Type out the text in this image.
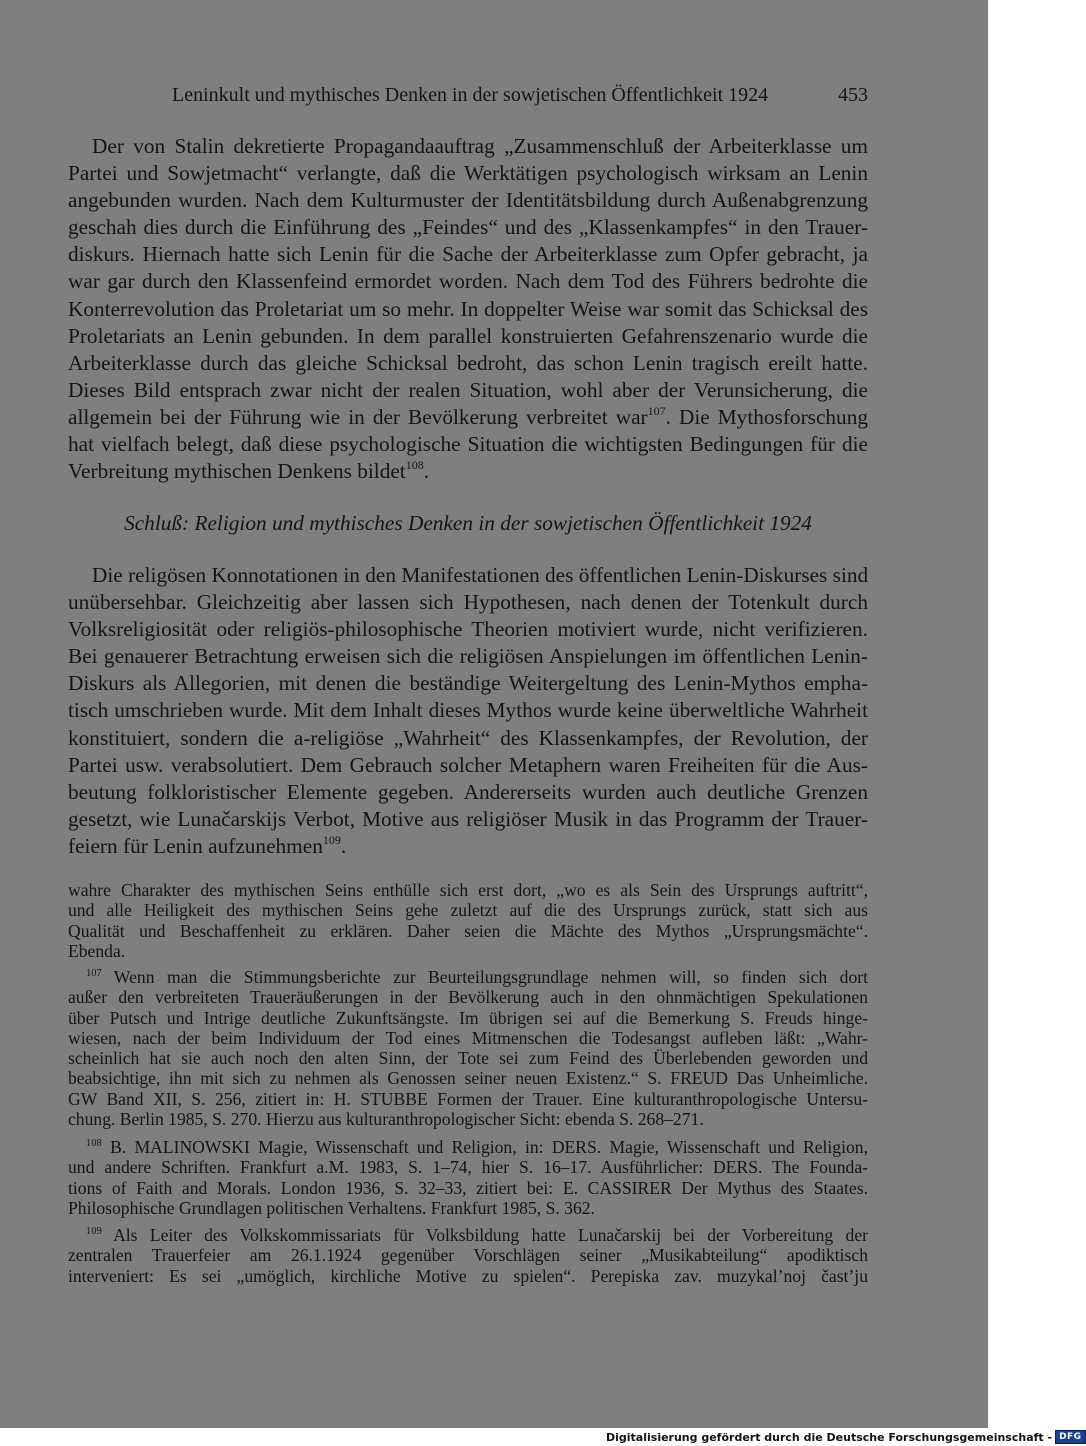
Leninkult und mythisches Denken in der sowjetischen Öffentlichkeit 1924	453
Der von Stalin dekretierte Propagandaauftrag „Zusammenschluß der Arbeiterklasse um
Partei und Sowjetmacht“ verlangte, daß die Werktätigen psychologisch wirksam an Lenin
angebunden wurden. Nach dem Kulturmuster der Identitätsbildung durch Außenabgrenzung
geschah dies durch die Einführung des „Feindes“ und des „Klassenkampfes“ in den Trauer-
diskurs. Hiernach hatte sich Lenin für die Sache der Arbeiterklasse zum Opfer gebracht, ja
war gar durch den Klassenfeind ermordet worden. Nach dem Tod des Führers bedrohte die
Konterrevolution das Proletariat um so mehr. In doppelter Weise war somit das Schicksal des
Proletariats an Lenin gebunden. In dem parallel konstruierten Gefahrenszenario wurde die
Arbeiterklasse durch das gleiche Schicksal bedroht, das schon Lenin tragisch ereilt hatte.
Dieses Bild entsprach zwar nicht der realen Situation, wohl aber der Verunsicherung, die
allgemein bei der Führung wie in der Bevölkerung verbreitet war$^{107}$. Die Mythosforschung
hat vielfach belegt, daß diese psychologische Situation die wichtigsten Bedingungen für die
Verbreitung mythischen Denkens bildet$^{108}$.
Schluß: Religion und mythisches Denken in der sowjetischen Öffentlichkeit 1924
Die religösen Konnotationen in den Manifestationen des öffentlichen Lenin-Diskurses sind
unübersehbar. Gleichzeitig aber lassen sich Hypothesen, nach denen der Totenkult durch
Volksreligiosität oder religiös-philosophische Theorien motiviert wurde, nicht verifizieren.
Bei genauerer Betrachtung erweisen sich die religiösen Anspielungen im öffentlichen Lenin-
Diskurs als Allegorien, mit denen die beständige Weitergeltung des Lenin-Mythos empha-
tisch umschrieben wurde. Mit dem Inhalt dieses Mythos wurde keine überweltliche Wahrheit
konstituiert, sondern die a-religiöse „Wahrheit“ des Klassenkampfes, der Revolution, der
Partei usw. verabsolutiert. Dem Gebrauch solcher Metaphern waren Freiheiten für die Aus-
beutung folkloristischer Elemente gegeben. Andererseits wurden auch deutliche Grenzen
gesetzt, wie Lunačarskijs Verbot, Motive aus religiöser Musik in das Programm der Trauer-
feiern für Lenin aufzunehmen$^{109}$.
wahre Charakter des mythischen Seins enthülle sich erst dort, „wo es als Sein des Ursprungs auftritt“,
und alle Heiligkeit des mythischen Seins gehe zuletzt auf die des Ursprungs zurück, statt sich aus
Qualität und Beschaffenheit zu erklären. Daher seien die Mächte des Mythos „Ursprungsmächte“.
Ebenda.
$^{107}$ Wenn man die Stimmungsberichte zur Beurteilungsgrundlage nehmen will, so finden sich dort
außer den verbreiteten Traueräußerungen in der Bevölkerung auch in den ohnmächtigen Spekulationen
über Putsch und Intrige deutliche Zukunftsängste. Im übrigen sei auf die Bemerkung S. Freuds hinge-
wiesen, nach der beim Individuum der Tod eines Mitmenschen die Todesangst aufleben läßt: „Wahr-
scheinlich hat sie auch noch den alten Sinn, der Tote sei zum Feind des Überlebenden geworden und
beabsichtige, ihn mit sich zu nehmen als Genossen seiner neuen Existenz.“ S. FREUD Das Unheimliche.
GW Band XII, S. 256, zitiert in: H. STUBBE Formen der Trauer. Eine kulturanthropologische Untersu-
chung. Berlin 1985, S. 270. Hierzu aus kulturanthropologischer Sicht: ebenda S. 268–271.
$^{108}$ B. MALINOWSKI Magie, Wissenschaft und Religion, in: DERS. Magie, Wissenschaft und Religion,
und andere Schriften. Frankfurt a.M. 1983, S. 1–74, hier S. 16–17. Ausführlicher: DERS. The Founda-
tions of Faith and Morals. London 1936, S. 32–33, zitiert bei: E. CASSIRER Der Mythus des Staates.
Philosophische Grundlagen politischen Verhaltens. Frankfurt 1985, S. 362.
$^{109}$ Als Leiter des Volkskommissariats für Volksbildung hatte Lunačarskij bei der Vorbereitung der
zentralen Trauerfeier am 26.1.1924 gegenüber Vorschlägen seiner „Musikabteilung“ apodiktisch
interveniert: Es sei „umöglich, kirchliche Motive zu spielen“. Perepiska zav. muzykal’noj čast’ju
Digitalisierung gefördert durch die Deutsche Forschungsgemeinschaft - DFG
